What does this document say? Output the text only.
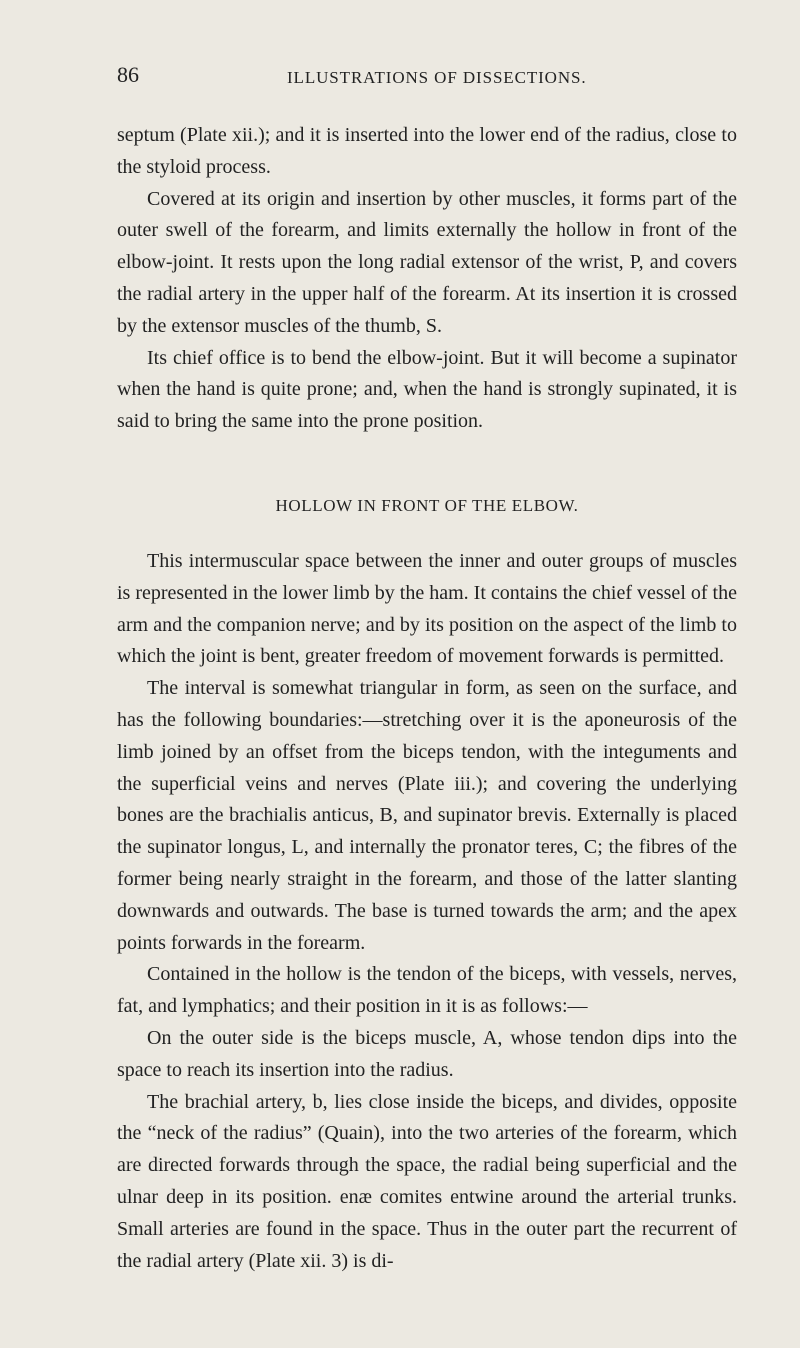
86	ILLUSTRATIONS OF DISSECTIONS.

septum (Plate xii.); and it is inserted into the lower end of the radius, close to the styloid process.

Covered at its origin and insertion by other muscles, it forms part of the outer swell of the forearm, and limits externally the hollow in front of the elbow-joint. It rests upon the long radial extensor of the wrist, P, and covers the radial artery in the upper half of the forearm. At its insertion it is crossed by the extensor muscles of the thumb, S.

Its chief office is to bend the elbow-joint. But it will become a supinator when the hand is quite prone; and, when the hand is strongly supinated, it is said to bring the same into the prone position.

HOLLOW IN FRONT OF THE ELBOW.

This intermuscular space between the inner and outer groups of muscles is represented in the lower limb by the ham. It contains the chief vessel of the arm and the companion nerve; and by its position on the aspect of the limb to which the joint is bent, greater freedom of movement forwards is permitted.

The interval is somewhat triangular in form, as seen on the surface, and has the following boundaries:—stretching over it is the aponeurosis of the limb joined by an offset from the biceps tendon, with the integuments and the superficial veins and nerves (Plate iii.); and covering the underlying bones are the brachialis anticus, B, and supinator brevis. Externally is placed the supinator longus, L, and internally the pronator teres, C; the fibres of the former being nearly straight in the forearm, and those of the latter slanting downwards and outwards. The base is turned towards the arm; and the apex points forwards in the forearm.

Contained in the hollow is the tendon of the biceps, with vessels, nerves, fat, and lymphatics; and their position in it is as follows:—

On the outer side is the biceps muscle, A, whose tendon dips into the space to reach its insertion into the radius.

The brachial artery, b, lies close inside the biceps, and divides, opposite the “neck of the radius” (Quain), into the two arteries of the forearm, which are directed forwards through the space, the radial being superficial and the ulnar deep in its position. enæ comites entwine around the arterial trunks. Small arteries are found in the space. Thus in the outer part the recurrent of the radial artery (Plate xii. 3) is di-
